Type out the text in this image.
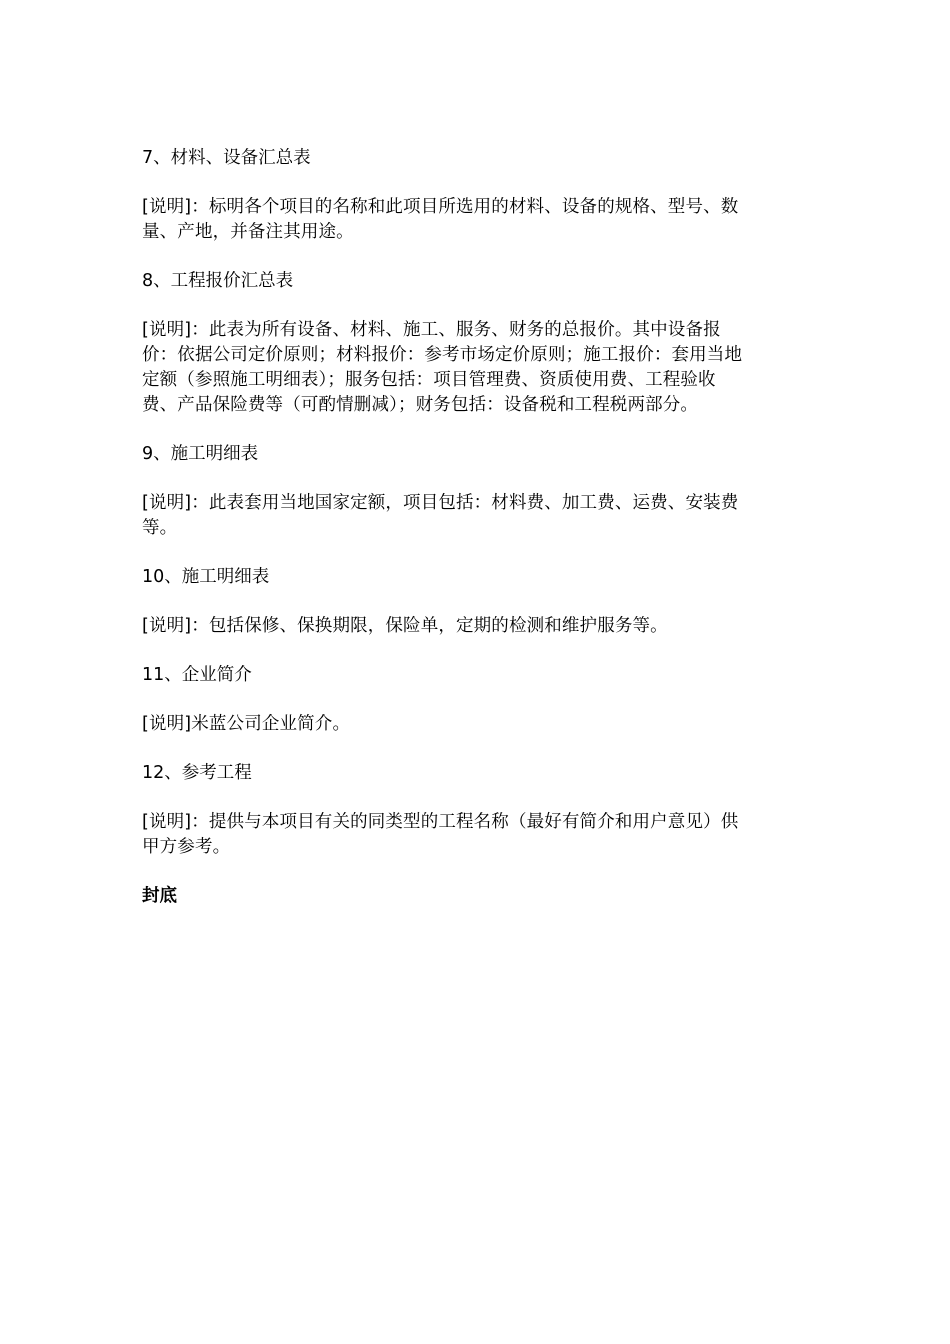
7、材料、设备汇总表
[说明]：标明各个项目的名称和此项目所选用的材料、设备的规格、型号、数
量、产地，并备注其用途。
8、工程报价汇总表
[说明]：此表为所有设备、材料、施工、服务、财务的总报价。其中设备报
价：依据公司定价原则；材料报价：参考市场定价原则；施工报价：套用当地
定额（参照施工明细表）；服务包括：项目管理费、资质使用费、工程验收
费、产品保险费等（可酌情删减）；财务包括：设备税和工程税两部分。
9、施工明细表
[说明]：此表套用当地国家定额，项目包括：材料费、加工费、运费、安装费
等。
10、施工明细表
[说明]：包括保修、保换期限，保险单，定期的检测和维护服务等。
11、企业简介
[说明]米蓝公司企业简介。
12、参考工程
[说明]：提供与本项目有关的同类型的工程名称（最好有简介和用户意见）供
甲方参考。
封底
